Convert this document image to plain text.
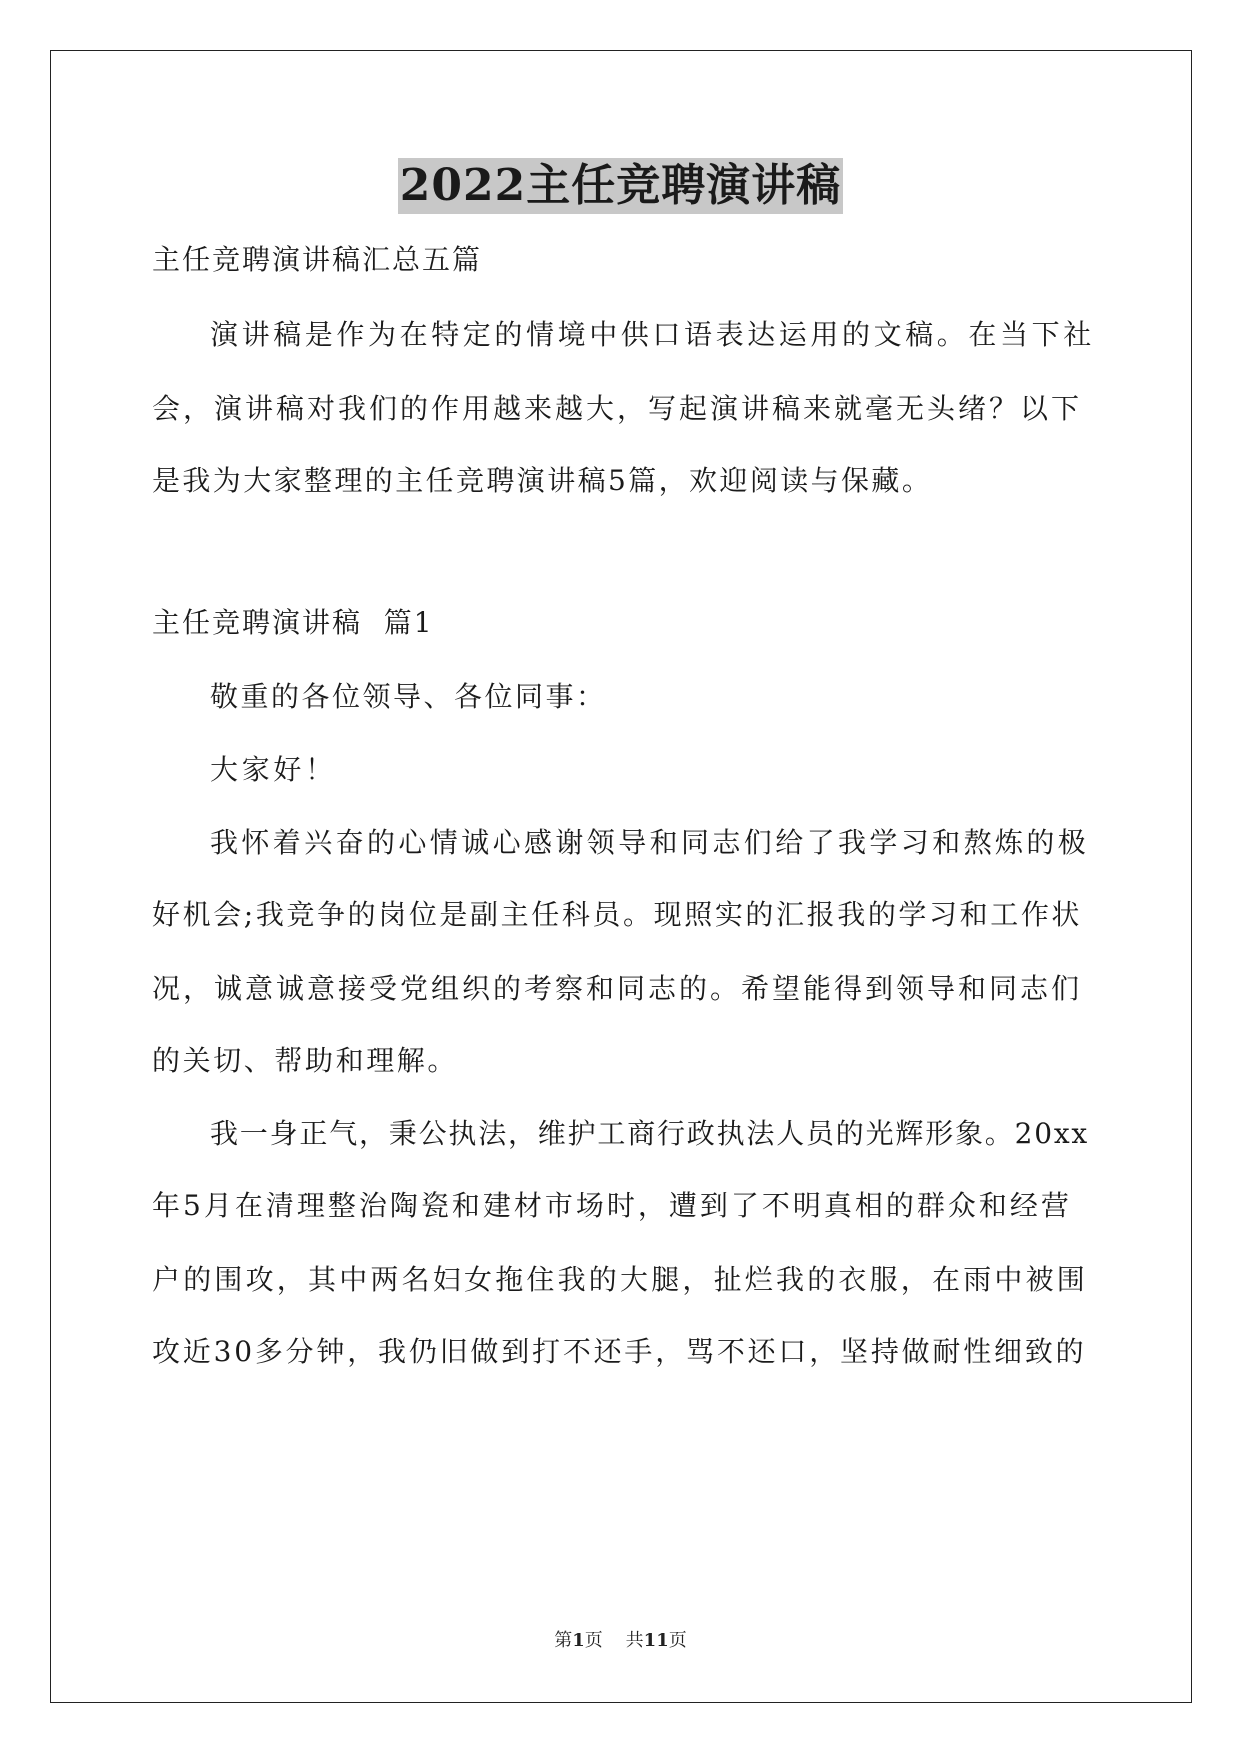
2022主任竞聘演讲稿
主任竞聘演讲稿汇总五篇
演讲稿是作为在特定的情境中供口语表达运用的文稿。在当下社
会，演讲稿对我们的作用越来越大，写起演讲稿来就毫无头绪？以下
是我为大家整理的主任竞聘演讲稿5篇，欢迎阅读与保藏。
主任竞聘演讲稿  篇1
敬重的各位领导、各位同事：
大家好！
我怀着兴奋的心情诚心感谢领导和同志们给了我学习和熬炼的极
好机会;我竞争的岗位是副主任科员。现照实的汇报我的学习和工作状
况，诚意诚意接受党组织的考察和同志的。希望能得到领导和同志们
的关切、帮助和理解。
我一身正气，秉公执法，维护工商行政执法人员的光辉形象。20xx
年5月在清理整治陶瓷和建材市场时，遭到了不明真相的群众和经营
户的围攻，其中两名妇女拖住我的大腿，扯烂我的衣服，在雨中被围
攻近30多分钟，我仍旧做到打不还手，骂不还口，坚持做耐性细致的
第1页 共11页
